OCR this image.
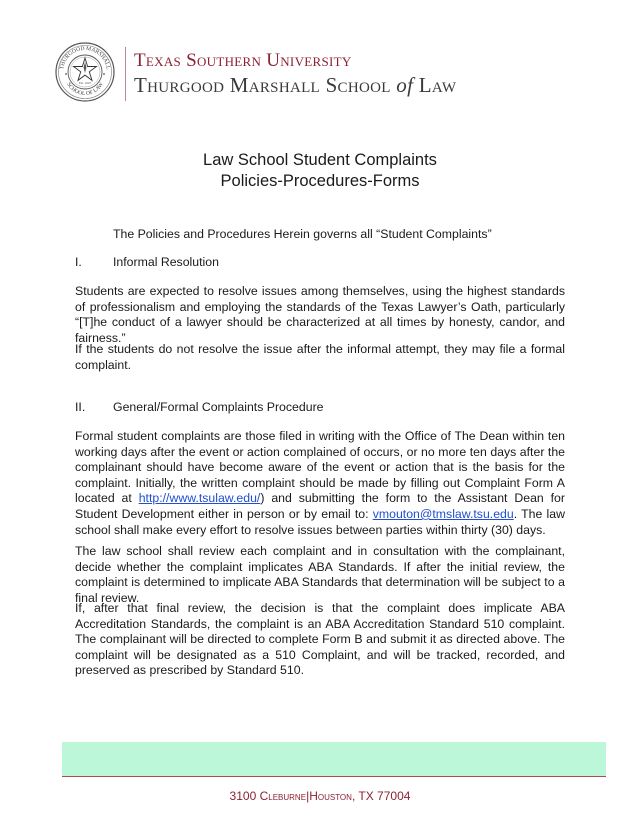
THURGOOD MARSHALL
SCHOOL OF LAW
Est. 1947
Texas Southern University
Thurgood Marshall School of Law
Law School Student Complaints
Policies-Procedures-Forms
The Policies and Procedures Herein governs all “Student Complaints”
I.	Informal Resolution
Students are expected to resolve issues among themselves, using the highest standards of professionalism and employing the standards of the Texas Lawyer’s Oath, particularly “[T]he conduct of a lawyer should be characterized at all times by honesty, candor, and fairness.”
If the students do not resolve the issue after the informal attempt, they may file a formal complaint.
II. General/Formal Complaints Procedure
Formal student complaints are those filed in writing with the Office of The Dean within ten working days after the event or action complained of occurs, or no more ten days after the complainant should have become aware of the event or action that is the basis for the complaint. Initially, the written complaint should be made by filling out Complaint Form A located at http://www.tsulaw.edu/) and submitting the form to the Assistant Dean for Student Development either in person or by email to: vmouton@tmslaw.tsu.edu. The law school shall make every effort to resolve issues between parties within thirty (30) days.
The law school shall review each complaint and in consultation with the complainant, decide whether the complaint implicates ABA Standards. If after the initial review, the complaint is determined to implicate ABA Standards that determination will be subject to a final review.
If, after that final review, the decision is that the complaint does implicate ABA Accreditation Standards, the complaint is an ABA Accreditation Standard 510 complaint. The complainant will be directed to complete Form B and submit it as directed above. The complaint will be designated as a 510 Complaint, and will be tracked, recorded, and preserved as prescribed by Standard 510.
3100 Cleburne|Houston, TX 77004
